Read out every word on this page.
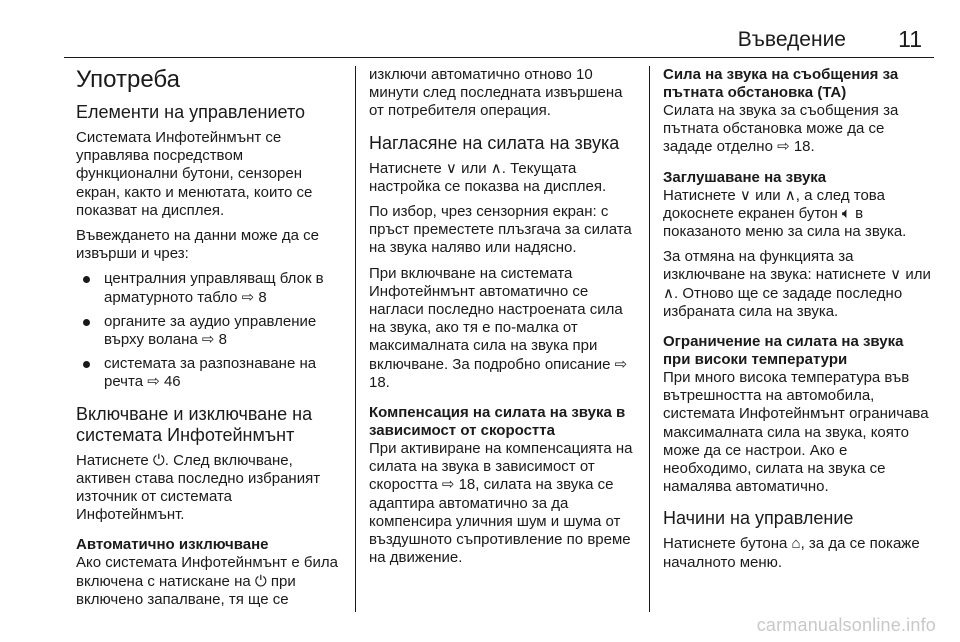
Въведение 11
Употреба
Елементи на управлението

Системата Инфотейнмънт се управлява посредством функционални бутони, сензорен екран, както и менютата, които се показват на дисплея.

Въвеждането на данни може да се извърши и чрез:

централния управляващ блок в арматурното табло ⇨ 8
органите за аудио управление върху волана ⇨ 8
системата за разпознаване на речта ⇨ 46
Включване и изключване на системата Инфотейнмънт

Натиснете ⏻. След включване, активен става последно избраният източник от системата Инфотейнмънт.

Автоматично изключване

Ако системата Инфотейнмънт е била включена с натискане на ⏻ при включено запалване, тя ще се

изключи автоматично отново 10 минути след последната извършена от потребителя операция.

Нагласяне на силата на звука

Натиснете ∨ или ∧. Текущата настройка се показва на дисплея.

По избор, чрез сензорния екран: с пръст преместете плъзгача за силата на звука наляво или надясно.

При включване на системата Инфотейнмънт автоматично се нагласи последно настроената сила на звука, ако тя е по-малка от максималната сила на звука при включване. За подробно описание ⇨ 18.

Компенсация на силата на звука в зависимост от скоростта

При активиране на компенсацията на силата на звука в зависимост от скоростта ⇨ 18, силата на звука се адаптира автоматично за да компенсира уличния шум и шума от въздушното съпротивление по време на движение.

Сила на звука на съобщения за пътната обстановка (TA)

Силата на звука за съобщения за пътната обстановка може да се зададе отделно ⇨ 18.

Заглушаване на звука

Натиснете ∨ или ∧, а след това докоснете екранен бутон 🔈︎ в показаното меню за сила на звука.

За отмяна на функцията за изключване на звука: натиснете ∨ или ∧. Отново ще се зададе последно избраната сила на звука.

Ограничение на силата на звука при високи температури

При много висока температура във вътрешността на автомобила, системата Инфотейнмънт ограничава максималната сила на звука, която може да се настрои. Ако е необходимо, силата на звука се намалява автоматично.

Начини на управление

Натиснете бутона ⌂, за да се покаже началното меню.

carmanualsonline.info
